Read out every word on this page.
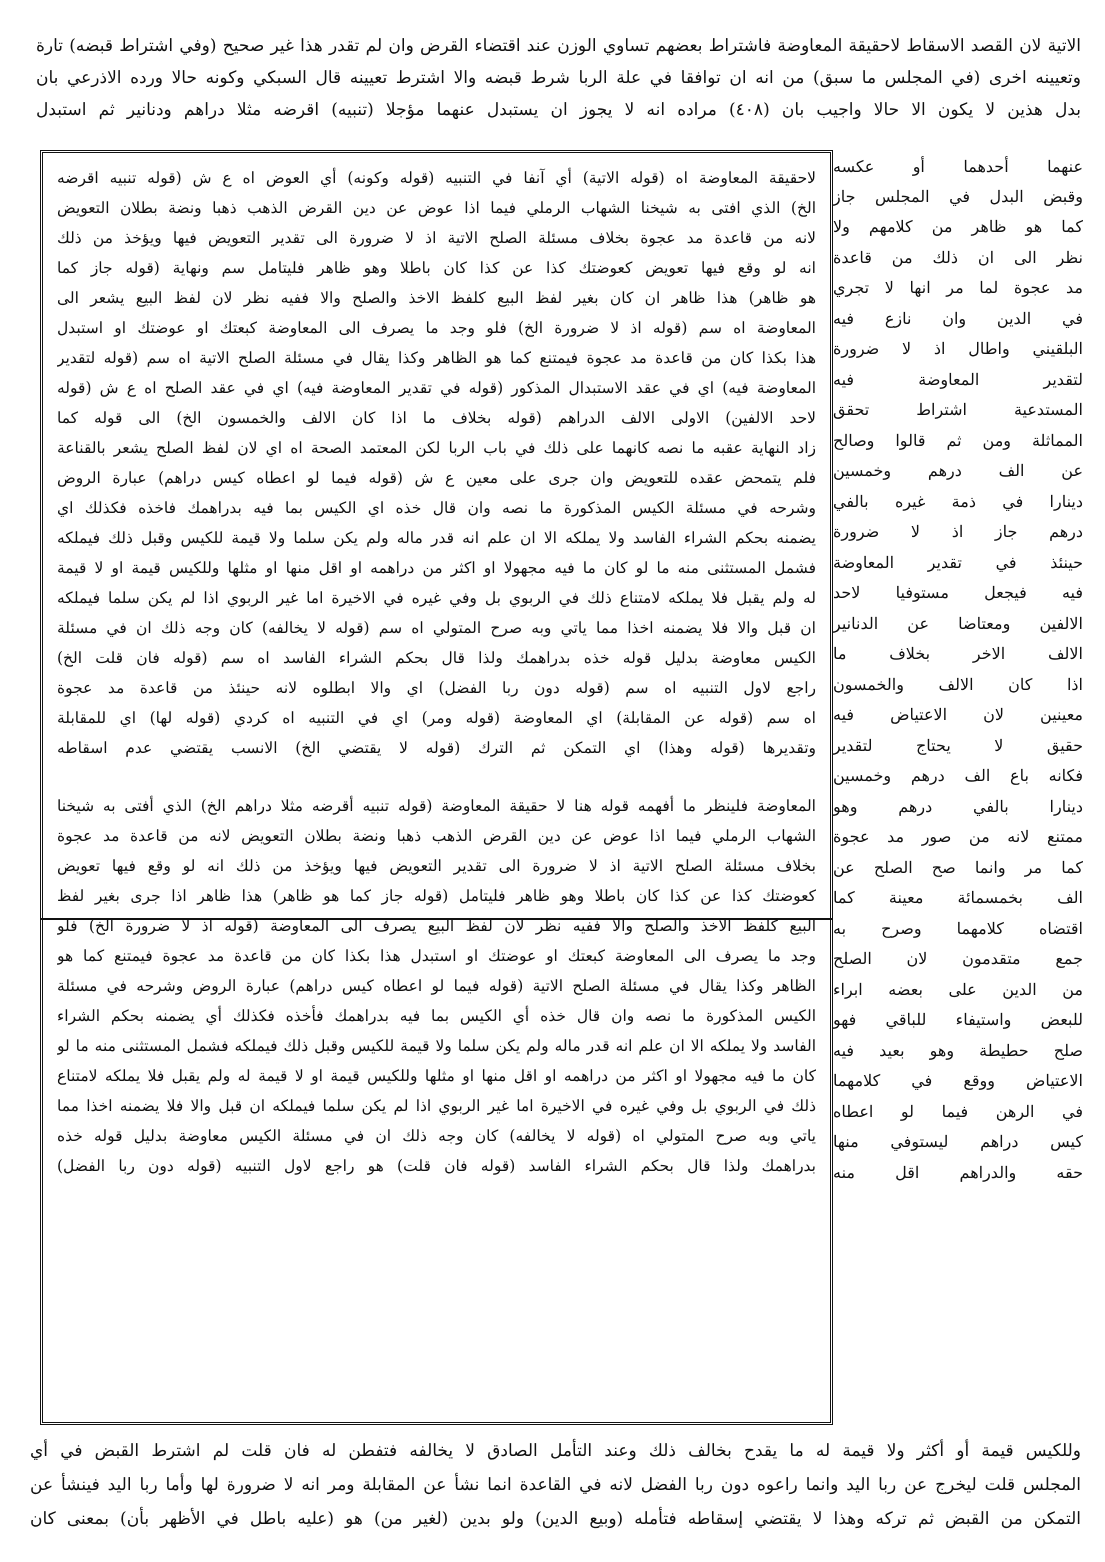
الاتية لان القصد الاسقاط لاحقيقة المعاوضة فاشتراط بعضهم تساوي الوزن عند اقتضاء القرض وان لم تقدر هذا غير صحيح (وفي اشتراط قبضه) تارة
وتعيينه اخرى (في المجلس ما سبق) من انه ان توافقا في علة الربا شرط قبضه والا اشترط تعيينه قال السبكي وكونه حالا ورده الاذرعي بان
بدل هذين لا يكون الا حالا واجيب بان (٤٠٨) مراده انه لا يجوز ان يستبدل عنهما مؤجلا (تنبيه) اقرضه مثلا دراهم ودنانير ثم استبدل
عنهما أحدهما أو عكسه
وقبض البدل في المجلس جاز
كما هو ظاهر من كلامهم ولا
نظر الى ان ذلك من قاعدة
مد عجوة لما مر انها لا تجري
في الدين وان نازع فيه
البلقيني واطال اذ لا ضرورة
لتقدير المعاوضة فيه
المستدعية اشتراط تحقق
المماثلة ومن ثم قالوا وصالح
عن الف درهم وخمسين
دينارا في ذمة غيره بالفي
درهم جاز اذ لا ضرورة
حينئذ في تقدير المعاوضة
فيه فيجعل مستوفيا لاحد
الالفين ومعتاضا عن الدنانير
الالف الاخر بخلاف ما
اذا كان الالف والخمسون
معينين لان الاعتياض فيه
حقيق لا يحتاج لتقدير
فكانه باع الف درهم وخمسين
دينارا بالفي درهم وهو
ممتنع لانه من صور مد عجوة
كما مر وانما صح الصلح عن
الف بخمسمائة معينة كما
اقتضاه كلامهما وصرح به
جمع متقدمون لان الصلح
من الدين على بعضه ابراء
للبعض واستيفاء للباقي فهو
صلح حطيطة وهو بعيد فيه
الاعتياض ووقع في كلامهما
في الرهن فيما لو اعطاه
كيس دراهم ليستوفي منها
حقه والدراهم اقل منه
لاحقيقة المعاوضة اه (قوله الاتية) أي آنفا في التنبيه (قوله وكونه) أي العوض اه ع ش (قوله تنبيه اقرضه
الخ) الذي افتى به شيخنا الشهاب الرملي فيما اذا عوض عن دين القرض الذهب ذهبا ونضة بطلان التعويض
لانه من قاعدة مد عجوة بخلاف مسئلة الصلح الاتية اذ لا ضرورة الى تقدير التعويض فيها ويؤخذ من ذلك
انه لو وقع فيها تعويض كعوضتك كذا عن كذا كان باطلا وهو ظاهر فليتامل سم ونهاية (قوله جاز كما
هو ظاهر) هذا ظاهر ان كان بغير لفظ البيع كلفظ الاخذ والصلح والا ففيه نظر لان لفظ البيع يشعر الى
المعاوضة اه سم (قوله اذ لا ضرورة الخ) فلو وجد ما يصرف الى المعاوضة كبعتك او عوضتك او استبدل
هذا بكذا كان من قاعدة مد عجوة فيمتنع كما هو الظاهر وكذا يقال في مسئلة الصلح الاتية اه سم (قوله لتقدير
المعاوضة فيه) اي في عقد الاستبدال المذكور (قوله في تقدير المعاوضة فيه) اي في عقد الصلح اه ع ش (قوله
لاحد الالفين) الاولى الالف الدراهم (قوله بخلاف ما اذا كان الالف والخمسون الخ) الى قوله كما
زاد النهاية عقبه ما نصه كانهما على ذلك في باب الربا لكن المعتمد الصحة اه اي لان لفظ الصلح يشعر بالقناعة
فلم يتمحض عقده للتعويض وان جرى على معين ع ش (قوله فيما لو اعطاه كيس دراهم) عبارة الروض
وشرحه في مسئلة الكيس المذكورة ما نصه وان قال خذه اي الكيس بما فيه بدراهمك فاخذه فكذلك اي
يضمنه بحكم الشراء الفاسد ولا يملكه الا ان علم انه قدر ماله ولم يكن سلما ولا قيمة للكيس وقبل ذلك فيملكه
فشمل المستثنى منه ما لو كان ما فيه مجهولا او اكثر من دراهمه او اقل منها او مثلها وللكيس قيمة او لا قيمة
له ولم يقبل فلا يملكه لامتناع ذلك في الربوي بل وفي غيره في الاخيرة اما غير الربوي اذا لم يكن سلما فيملكه
ان قبل والا فلا يضمنه اخذا مما ياتي وبه صرح المتولي اه سم (قوله لا يخالفه) كان وجه ذلك ان في مسئلة
الكيس معاوضة بدليل قوله خذه بدراهمك ولذا قال بحكم الشراء الفاسد اه سم (قوله فان قلت الخ)
راجع لاول التنبيه اه سم (قوله دون ربا الفضل) اي والا ابطلوه لانه حينئذ من قاعدة مد عجوة
اه سم (قوله عن المقابلة) اي المعاوضة (قوله ومر) اي في التنبيه اه كردي (قوله لها) اي للمقابلة
وتقديرها (قوله وهذا) اي التمكن ثم الترك (قوله لا يقتضي الخ) الانسب يقتضي عدم اسقاطه
المعاوضة فلينظر ما أفهمه قوله هنا لا حقيقة المعاوضة (قوله تنبيه أقرضه مثلا دراهم الخ) الذي أفتى به شيخنا
الشهاب الرملي فيما اذا عوض عن دين القرض الذهب ذهبا ونضة بطلان التعويض لانه من قاعدة مد عجوة
بخلاف مسئلة الصلح الاتية اذ لا ضرورة الى تقدير التعويض فيها ويؤخذ من ذلك انه لو وقع فيها تعويض
كعوضتك كذا عن كذا كان باطلا وهو ظاهر فليتامل (قوله جاز كما هو ظاهر) هذا ظاهر اذا جرى بغير لفظ
البيع كلفظ الاخذ والصلح والا ففيه نظر لان لفظ البيع يصرف الى المعاوضة (قوله اذ لا ضرورة الخ) فلو
وجد ما يصرف الى المعاوضة كبعتك او عوضتك او استبدل هذا بكذا كان من قاعدة مد عجوة فيمتنع كما هو
الظاهر وكذا يقال في مسئلة الصلح الاتية (قوله فيما لو اعطاه كيس دراهم) عبارة الروض وشرحه في مسئلة
الكيس المذكورة ما نصه وان قال خذه أي الكيس بما فيه بدراهمك فأخذه فكذلك أي يضمنه بحكم الشراء
الفاسد ولا يملكه الا ان علم انه قدر ماله ولم يكن سلما ولا قيمة للكيس وقبل ذلك فيملكه فشمل المستثنى منه ما لو
كان ما فيه مجهولا او اكثر من دراهمه او اقل منها او مثلها وللكيس قيمة او لا قيمة له ولم يقبل فلا يملكه لامتناع
ذلك في الربوي بل وفي غيره في الاخيرة اما غير الربوي اذا لم يكن سلما فيملكه ان قبل والا فلا يضمنه اخذا مما
ياتي وبه صرح المتولي اه (قوله لا يخالفه) كان وجه ذلك ان في مسئلة الكيس معاوضة بدليل قوله خذه
بدراهمك ولذا قال بحكم الشراء الفاسد (قوله فان قلت) هو راجع لاول التنبيه (قوله دون ربا الفضل)
وللكيس قيمة أو أكثر ولا قيمة له ما يقدح بخالف ذلك وعند التأمل الصادق لا يخالفه فتفطن له فان قلت لم اشترط القبض في أي
المجلس قلت ليخرج عن ربا اليد وانما راعوه دون ربا الفضل لانه في القاعدة انما نشأ عن المقابلة ومر انه لا ضرورة لها وأما ربا اليد فينشأ عن
التمكن من القبض ثم تركه وهذا لا يقتضي إسقاطه فتأمله (وبيع الدين) ولو بدين (لغير من) هو (عليه باطل في الأظهر بأن) بمعنى كان
